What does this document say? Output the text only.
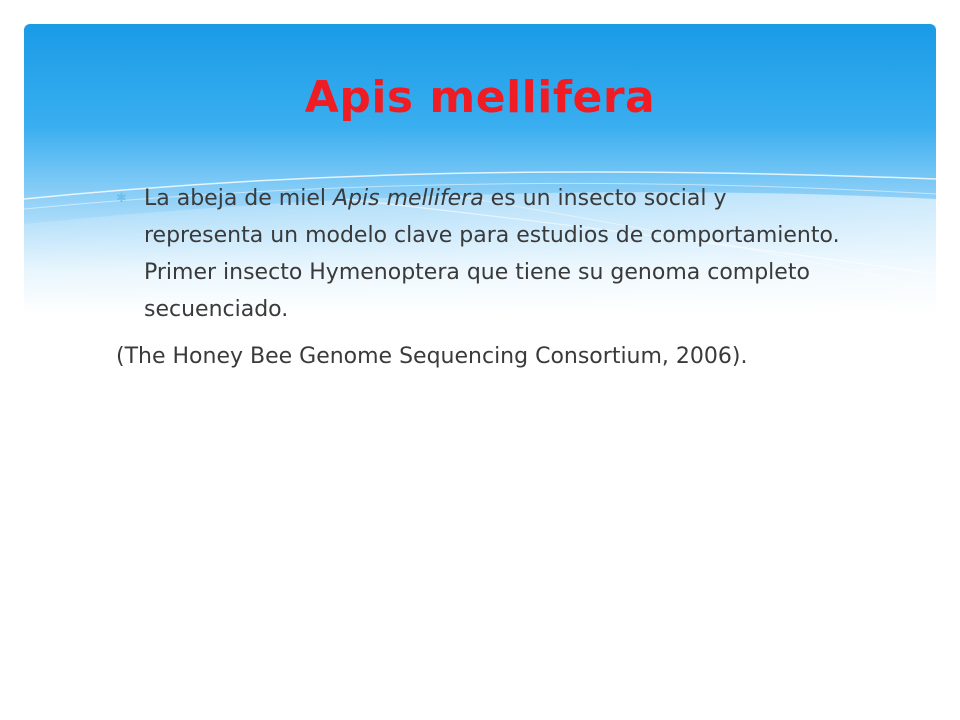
Apis mellifera
✱ La abeja de miel Apis mellifera es un insecto social y representa un modelo clave para estudios de comportamiento. Primer insecto Hymenoptera que tiene su genoma completo secuenciado.
(The Honey Bee Genome Sequencing Consortium, 2006).
